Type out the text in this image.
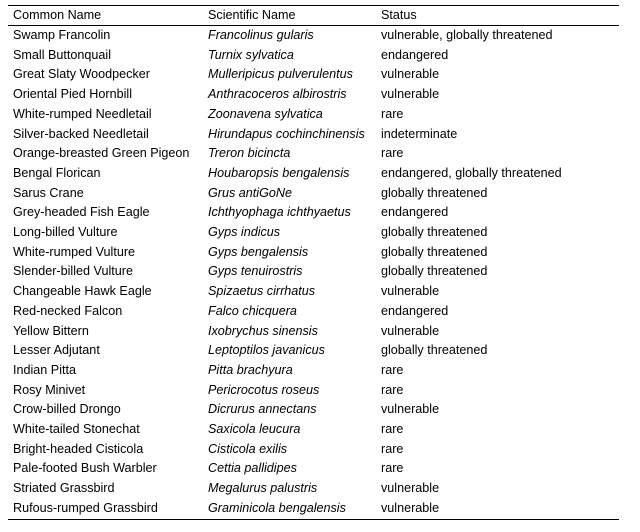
Common Name	Scientific Name	Status
Swamp Francolin	Francolinus gularis	vulnerable, globally threatened
Small Buttonquail	Turnix sylvatica	endangered
Great Slaty Woodpecker	Mulleripicus pulverulentus	vulnerable
Oriental Pied Hornbill	Anthracoceros albirostris	vulnerable
White-rumped Needletail	Zoonavena sylvatica	rare
Silver-backed Needletail	Hirundapus cochinchinensis	indeterminate
Orange-breasted Green Pigeon	Treron bicincta	rare
Bengal Florican	Houbaropsis bengalensis	endangered, globally threatened
Sarus Crane	Grus antiGoNe	globally threatened
Grey-headed Fish Eagle	Ichthyophaga ichthyaetus	endangered
Long-billed Vulture	Gyps indicus	globally threatened
White-rumped Vulture	Gyps bengalensis	globally threatened
Slender-billed Vulture	Gyps tenuirostris	globally threatened
Changeable Hawk Eagle	Spizaetus cirrhatus	vulnerable
Red-necked Falcon	Falco chicquera	endangered
Yellow Bittern	Ixobrychus sinensis	vulnerable
Lesser Adjutant	Leptoptilos javanicus	globally threatened
Indian Pitta	Pitta brachyura	rare
Rosy Minivet	Pericrocotus roseus	rare
Crow-billed Drongo	Dicrurus annectans	vulnerable
White-tailed Stonechat	Saxicola leucura	rare
Bright-headed Cisticola	Cisticola exilis	rare
Pale-footed Bush Warbler	Cettia pallidipes	rare
Striated Grassbird	Megalurus palustris	vulnerable
Rufous-rumped Grassbird	Graminicola bengalensis	vulnerable
